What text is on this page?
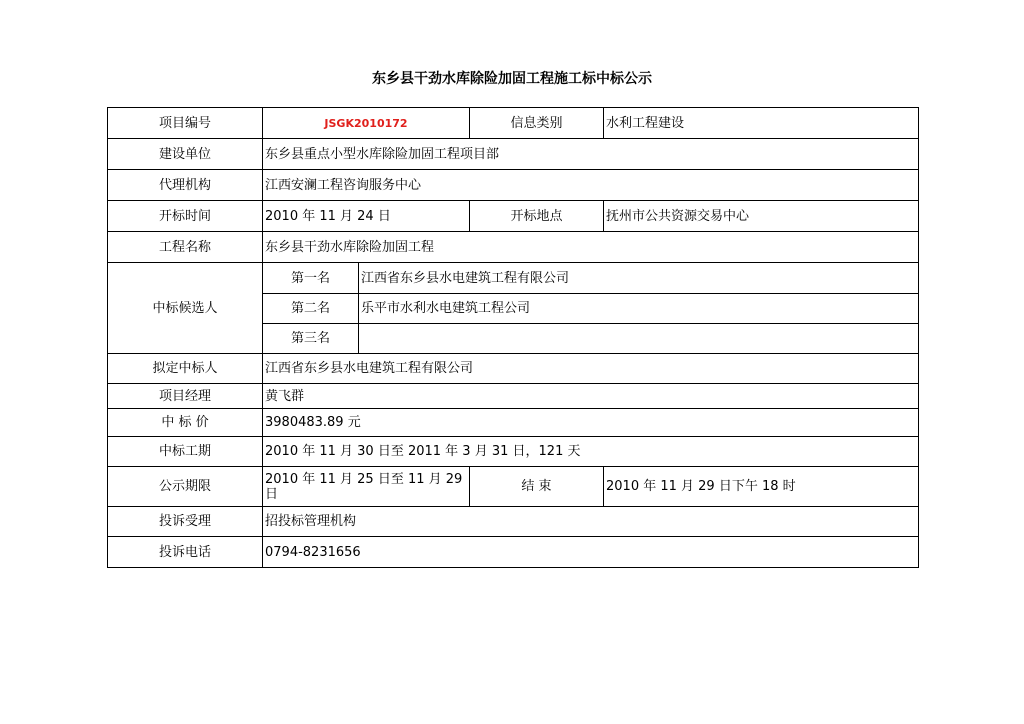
东乡县干劲水库除险加固工程施工标中标公示
项目编号	JSGK2010172		信息类别	水利工程建设
建设单位	东乡县重点小型水库除险加固工程项目部			
代理机构	江西安澜工程咨询服务中心			
开标时间	2010 年 11 月 24 日		开标地点	抚州市公共资源交易中心
工程名称	东乡县干劲水库除险加固工程			
中标候选人	第一名	江西省东乡县水电建筑工程有限公司		
	第二名	乐平市水利水电建筑工程公司		
	第三名			
拟定中标人	江西省东乡县水电建筑工程有限公司			
项目经理	黄飞群			
中 标 价	3980483.89 元			
中标工期	2010 年 11 月 30 日至 2011 年 3 月 31 日，121 天			
公示期限	2010 年 11 月 25 日至 11 月 29 日		结 束	2010 年 11 月 29 日下午 18 时
投诉受理	招投标管理机构			
投诉电话	0794-8231656			
